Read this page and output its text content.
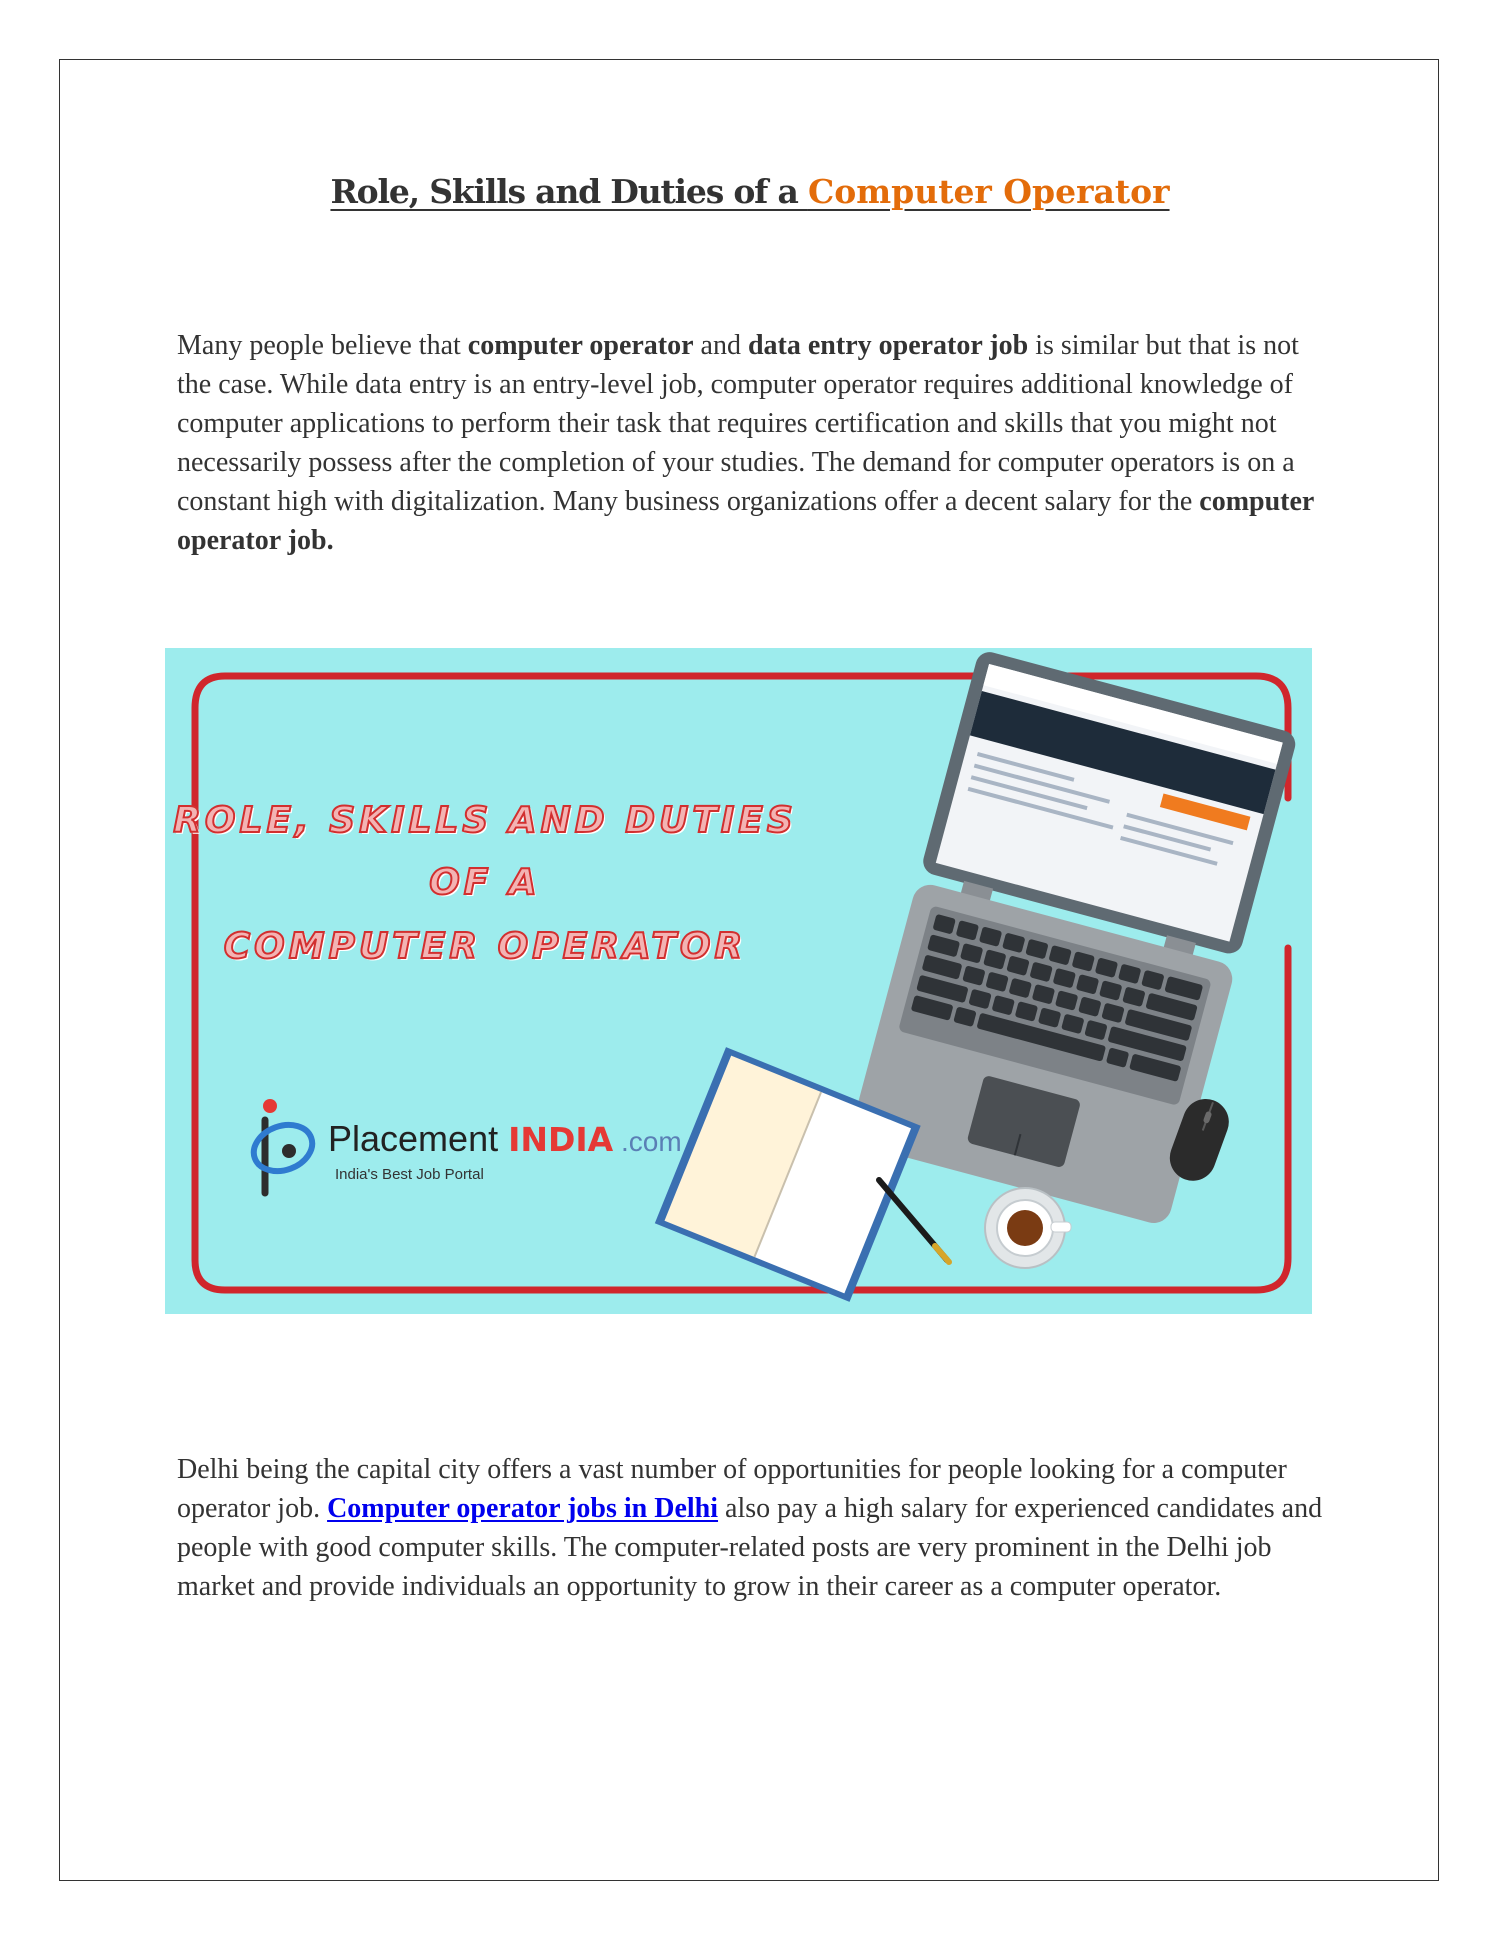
Role, Skills and Duties of a Computer Operator

Many people believe that computer operator and data entry operator job is similar but that is not the case. While data entry is an entry-level job, computer operator requires additional knowledge of computer applications to perform their task that requires certification and skills that you might not necessarily possess after the completion of your studies. The demand for computer operators is on a constant high with digitalization. Many business organizations offer a decent salary for the computer operator job.

ROLE, SKILLS AND DUTIES
OF A
COMPUTER OPERATOR
Placement INDIA .com
India's Best Job Portal

Delhi being the capital city offers a vast number of opportunities for people looking for a computer operator job. Computer operator jobs in Delhi also pay a high salary for experienced candidates and people with good computer skills. The computer-related posts are very prominent in the Delhi job market and provide individuals an opportunity to grow in their career as a computer operator.
